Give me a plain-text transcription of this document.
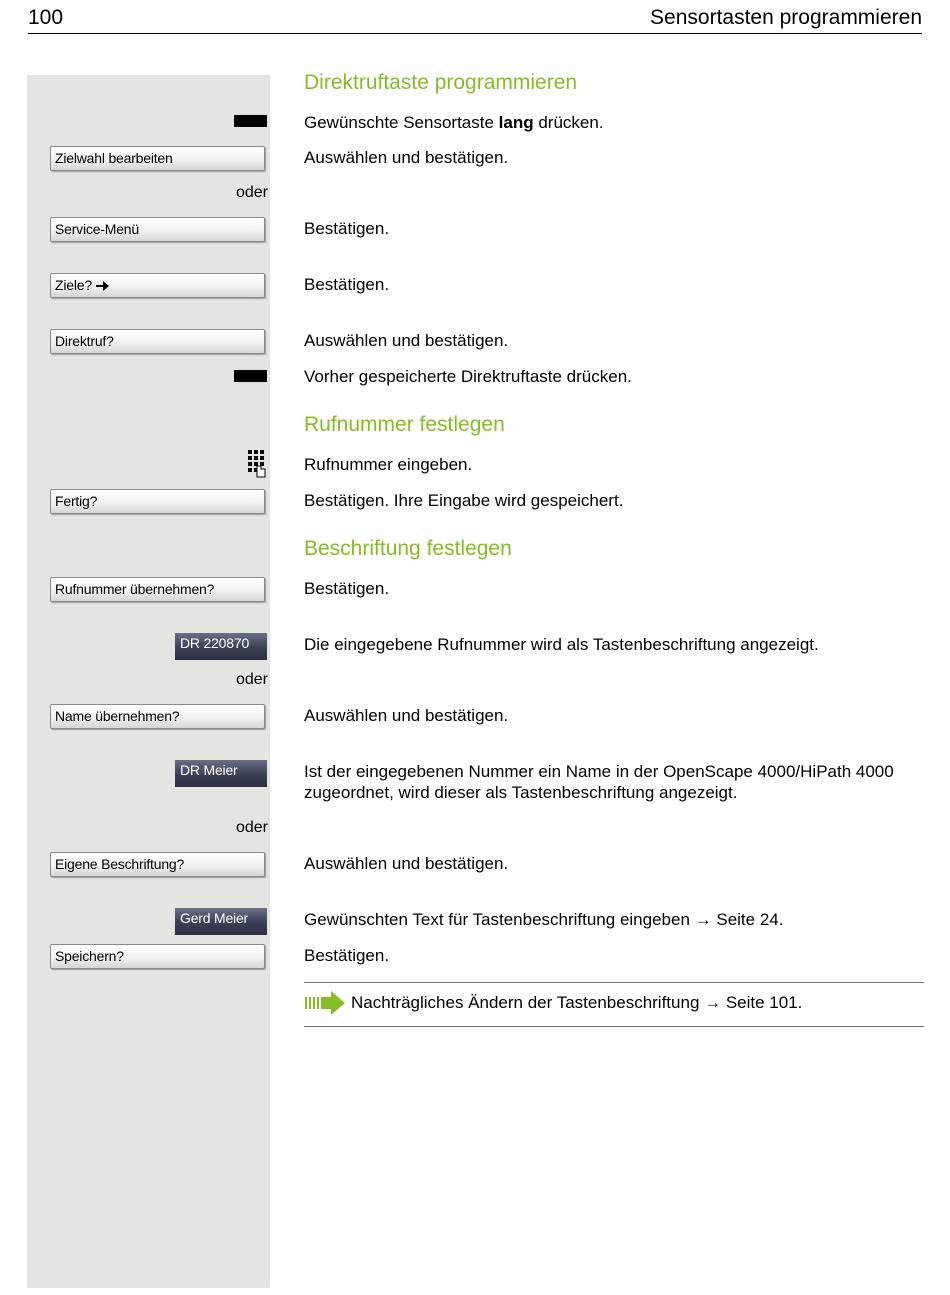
100	Sensortasten programmieren
Direktruftaste programmieren
Gewünschte Sensortaste lang drücken.
Zielwahl bearbeiten	Auswählen und bestätigen.
oder
Service-Menü	Bestätigen.
Ziele?	Bestätigen.
Direktruf?	Auswählen und bestätigen.
Vorher gespeicherte Direktruftaste drücken.
Rufnummer festlegen
Rufnummer eingeben.
Fertig?	Bestätigen. Ihre Eingabe wird gespeichert.
Beschriftung festlegen
Rufnummer übernehmen?	Bestätigen.
DR 220870	Die eingegebene Rufnummer wird als Tastenbeschriftung angezeigt.
oder
Name übernehmen?	Auswählen und bestätigen.
DR Meier	Ist der eingegebenen Nummer ein Name in der OpenScape 4000/HiPath 4000 zugeordnet, wird dieser als Tastenbeschriftung angezeigt.
oder
Eigene Beschriftung?	Auswählen und bestätigen.
Gerd Meier	Gewünschten Text für Tastenbeschriftung eingeben → Seite 24.
Speichern?	Bestätigen.
Nachträgliches Ändern der Tastenbeschriftung → Seite 101.
